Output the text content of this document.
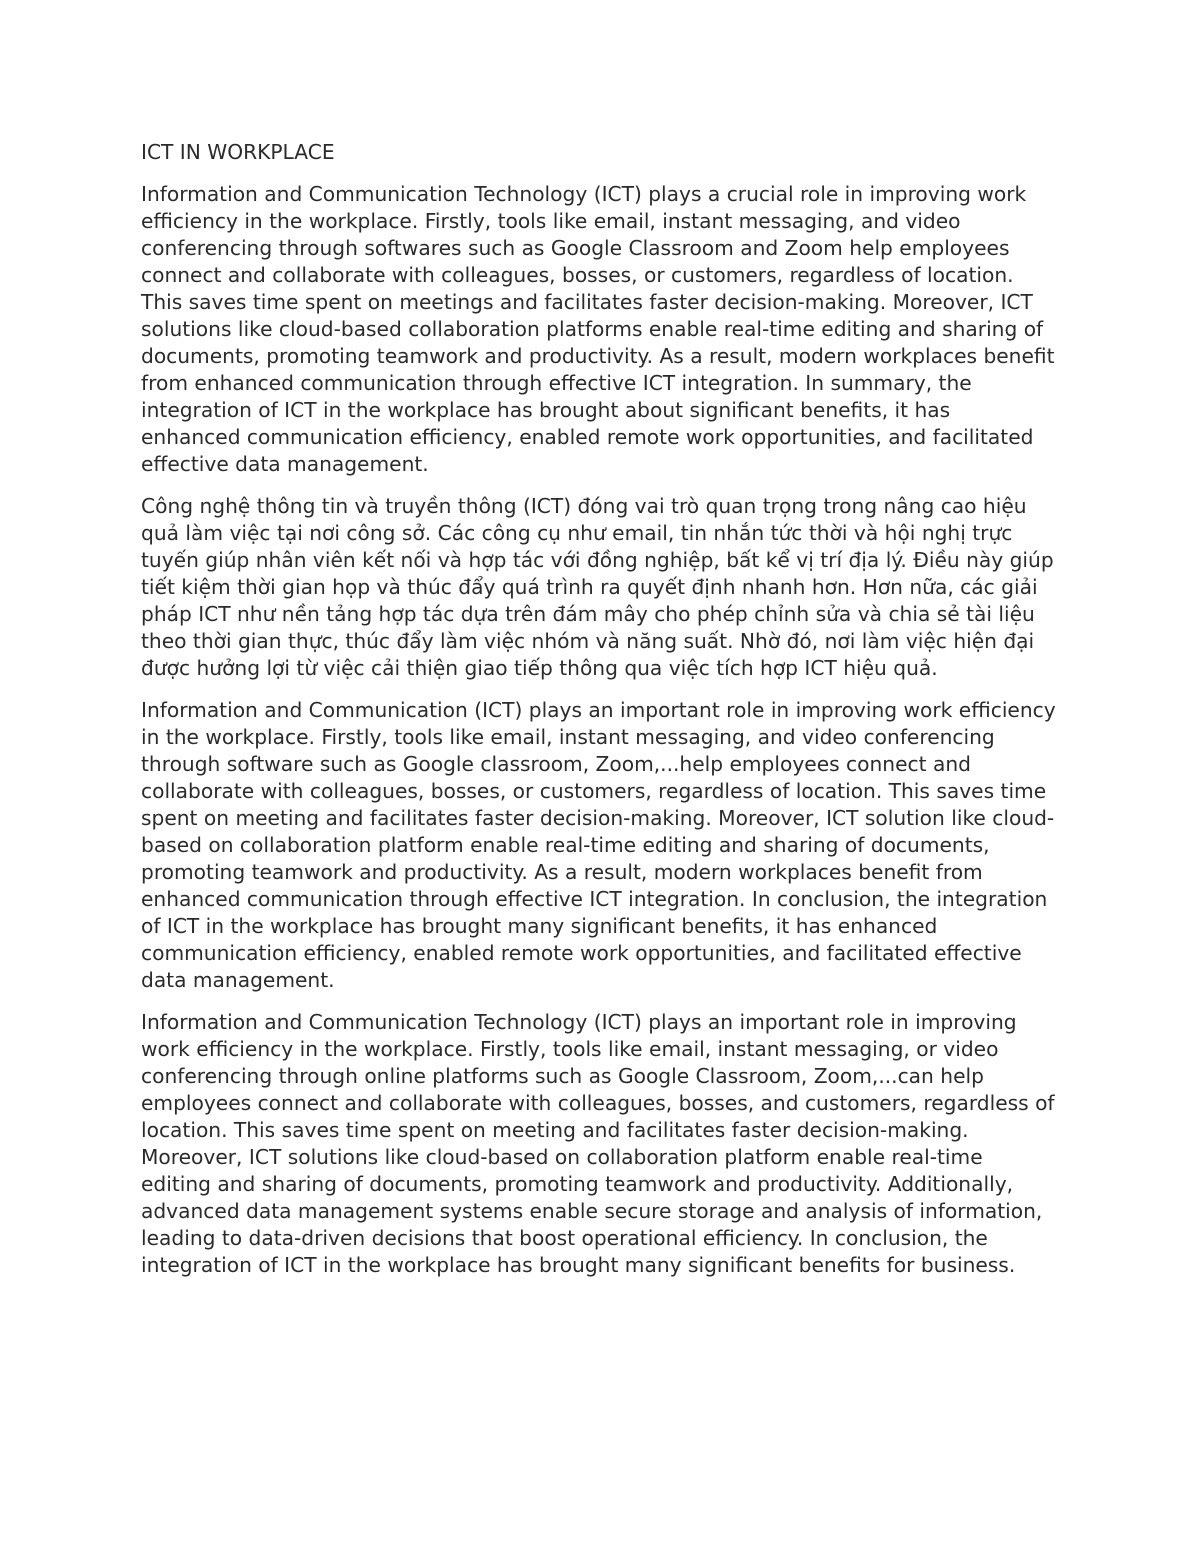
ICT IN WORKPLACE

Information and Communication Technology (ICT) plays a crucial role in improving work efficiency in the workplace. Firstly, tools like email, instant messaging, and video conferencing through softwares such as Google Classroom and Zoom help employees connect and collaborate with colleagues, bosses, or customers, regardless of location. This saves time spent on meetings and facilitates faster decision-making. Moreover, ICT solutions like cloud-based collaboration platforms enable real-time editing and sharing of documents, promoting teamwork and productivity. As a result, modern workplaces benefit from enhanced communication through effective ICT integration. In summary, the integration of ICT in the workplace has brought about significant benefits, it has enhanced communication efficiency, enabled remote work opportunities, and facilitated effective data management.

Công nghệ thông tin và truyền thông (ICT) đóng vai trò quan trọng trong nâng cao hiệu quả làm việc tại nơi công sở. Các công cụ như email, tin nhắn tức thời và hội nghị trực tuyến giúp nhân viên kết nối và hợp tác với đồng nghiệp, bất kể vị trí địa lý. Điều này giúp tiết kiệm thời gian họp và thúc đẩy quá trình ra quyết định nhanh hơn. Hơn nữa, các giải pháp ICT như nền tảng hợp tác dựa trên đám mây cho phép chỉnh sửa và chia sẻ tài liệu theo thời gian thực, thúc đẩy làm việc nhóm và năng suất. Nhờ đó, nơi làm việc hiện đại được hưởng lợi từ việc cải thiện giao tiếp thông qua việc tích hợp ICT hiệu quả.

Information and Communication (ICT) plays an important role in improving work efficiency in the workplace. Firstly, tools like email, instant messaging, and video conferencing through software such as Google classroom, Zoom,...help employees connect and collaborate with colleagues, bosses, or customers, regardless of location. This saves time spent on meeting and facilitates faster decision-making. Moreover, ICT solution like cloud-based on collaboration platform enable real-time editing and sharing of documents, promoting teamwork and productivity. As a result, modern workplaces benefit from enhanced communication through effective ICT integration. In conclusion, the integration of ICT in the workplace has brought many significant benefits, it has enhanced communication efficiency, enabled remote work opportunities, and facilitated effective data management.

Information and Communication Technology (ICT) plays an important role in improving work efficiency in the workplace. Firstly, tools like email, instant messaging, or video conferencing through online platforms such as Google Classroom, Zoom,...can help employees connect and collaborate with colleagues, bosses, and customers, regardless of location. This saves time spent on meeting and facilitates faster decision-making. Moreover, ICT solutions like cloud-based on collaboration platform enable real-time editing and sharing of documents, promoting teamwork and productivity. Additionally, advanced data management systems enable secure storage and analysis of information, leading to data-driven decisions that boost operational efficiency. In conclusion, the integration of ICT in the workplace has brought many significant benefits for business.
